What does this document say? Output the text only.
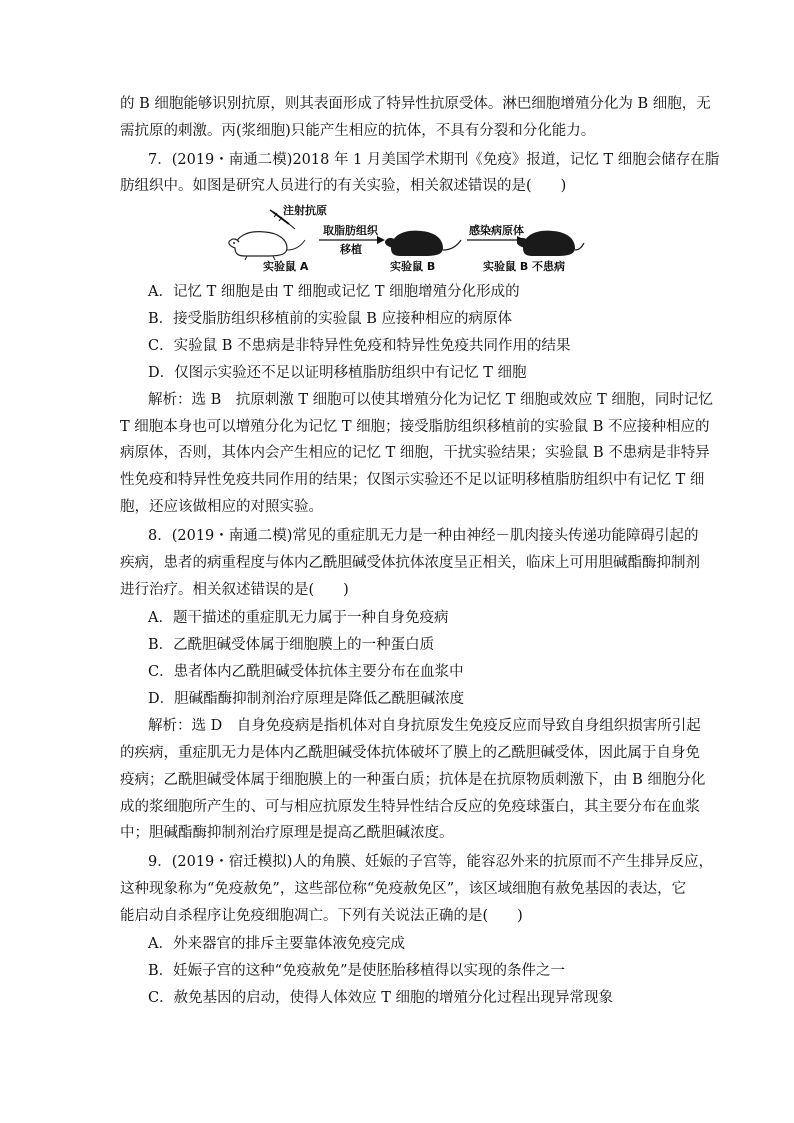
的 B 细胞能够识别抗原，则其表面形成了特异性抗原受体。淋巴细胞增殖分化为 B 细胞，无
需抗原的刺激。丙(浆细胞)只能产生相应的抗体，不具有分裂和分化能力。
7．(2019・南通二模)2018 年 1 月美国学术期刊《免疫》报道，记忆 T 细胞会储存在脂
肪组织中。如图是研究人员进行的有关实验，相关叙述错误的是(　　)
注射抗原
取脂肪组织
移植
感染病原体
实验鼠 A	实验鼠 B	实验鼠 B 不患病
A．记忆 T 细胞是由 T 细胞或记忆 T 细胞增殖分化形成的
B．接受脂肪组织移植前的实验鼠 B 应接种相应的病原体
C．实验鼠 B 不患病是非特异性免疫和特异性免疫共同作用的结果
D．仅图示实验还不足以证明移植脂肪组织中有记忆 T 细胞
解析：选 B　抗原刺激 T 细胞可以使其增殖分化为记忆 T 细胞或效应 T 细胞，同时记忆
T 细胞本身也可以增殖分化为记忆 T 细胞；接受脂肪组织移植前的实验鼠 B 不应接种相应的
病原体，否则，其体内会产生相应的记忆 T 细胞，干扰实验结果；实验鼠 B 不患病是非特异
性免疫和特异性免疫共同作用的结果；仅图示实验还不足以证明移植脂肪组织中有记忆 T 细
胞，还应该做相应的对照实验。
8．(2019・南通二模)常见的重症肌无力是一种由神经－肌肉接头传递功能障碍引起的
疾病，患者的病重程度与体内乙酰胆碱受体抗体浓度呈正相关，临床上可用胆碱酯酶抑制剂
进行治疗。相关叙述错误的是(　　)
A．题干描述的重症肌无力属于一种自身免疫病
B．乙酰胆碱受体属于细胞膜上的一种蛋白质
C．患者体内乙酰胆碱受体抗体主要分布在血浆中
D．胆碱酯酶抑制剂治疗原理是降低乙酰胆碱浓度
解析：选 D　自身免疫病是指机体对自身抗原发生免疫反应而导致自身组织损害所引起
的疾病，重症肌无力是体内乙酰胆碱受体抗体破坏了膜上的乙酰胆碱受体，因此属于自身免
疫病；乙酰胆碱受体属于细胞膜上的一种蛋白质；抗体是在抗原物质刺激下，由 B 细胞分化
成的浆细胞所产生的、可与相应抗原发生特异性结合反应的免疫球蛋白，其主要分布在血浆
中；胆碱酯酶抑制剂治疗原理是提高乙酰胆碱浓度。
9．(2019・宿迁模拟)人的角膜、妊娠的子宫等，能容忍外来的抗原而不产生排异反应，
这种现象称为“免疫赦免”，这些部位称“免疫赦免区”，该区域细胞有赦免基因的表达，它
能启动自杀程序让免疫细胞凋亡。下列有关说法正确的是(　　)
A．外来器官的排斥主要靠体液免疫完成
B．妊娠子宫的这种“免疫赦免”是使胚胎移植得以实现的条件之一
C．赦免基因的启动，使得人体效应 T 细胞的增殖分化过程出现异常现象
